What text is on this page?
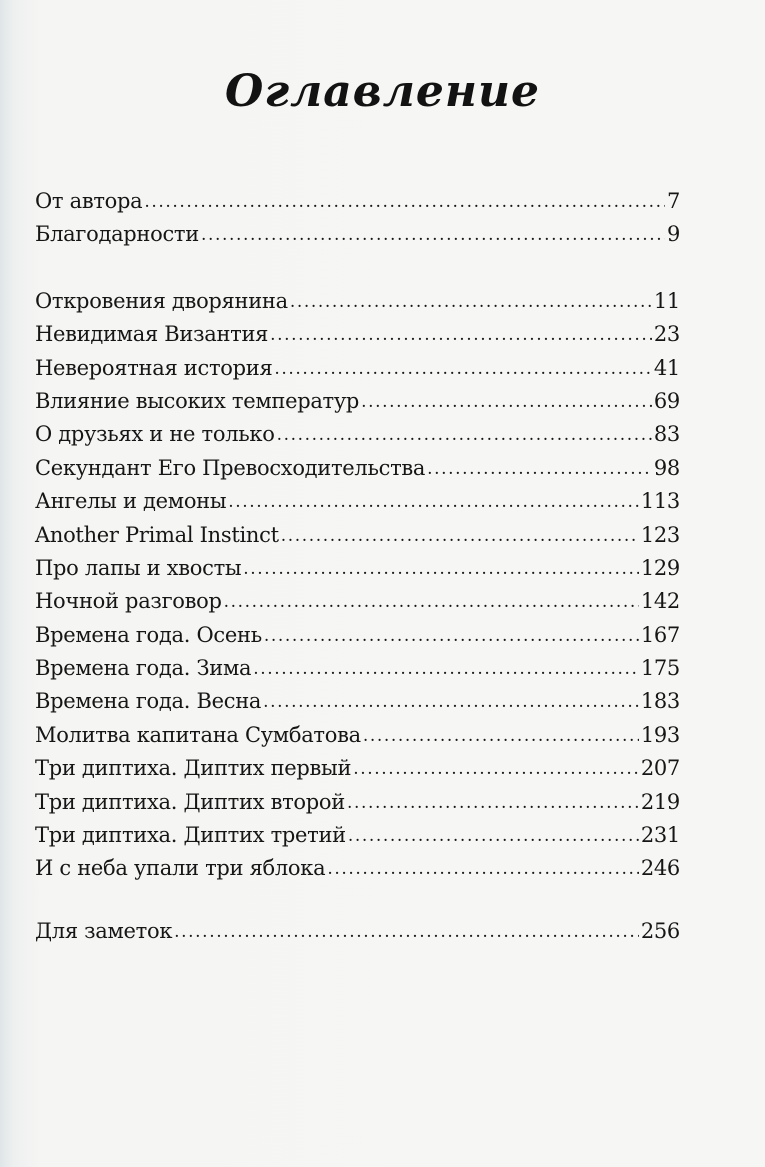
Оглавление
От автора .....	7
Благодарности .....	9
Откровения дворянина .....	11
Невидимая Византия .....	23
Невероятная история .....	41
Влияние высоких температур .....	69
О друзьях и не только .....	83
Секундант Его Превосходительства .....	98
Ангелы и демоны .....	113
Another Primal Instinct .....	123
Про лапы и хвосты .....	129
Ночной разговор .....	142
Времена года. Осень .....	167
Времена года. Зима .....	175
Времена года. Весна .....	183
Молитва капитана Сумбатова .....	193
Три диптиха. Диптих первый .....	207
Три диптиха. Диптих второй .....	219
Три диптиха. Диптих третий .....	231
И с неба упали три яблока .....	246
Для заметок .....	256
